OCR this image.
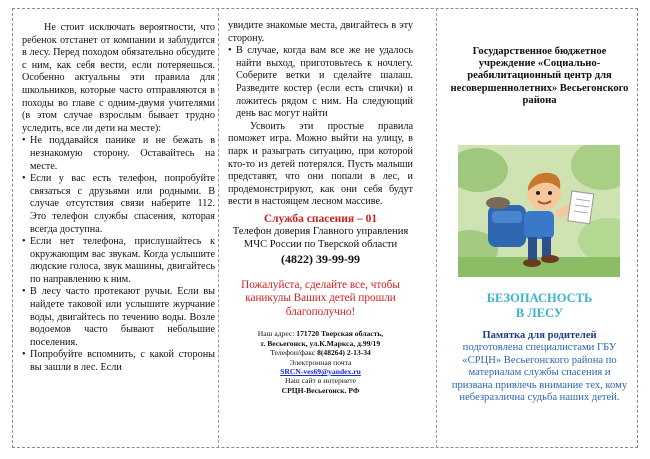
Не стоит исключать вероятности, что ребенок отстанет от компании и заблудится в лесу. Перед походом обязательно обсудите с ним, как себя вести, если потеряешься. Особенно актуальны эти правила для школьников, которые часто отправляются в походы во главе с одним-двумя учителями (в этом случае взрослым бывает трудно уследить, все ли дети на месте):

• Не поддавайся панике и не бежать в незнакомую сторону. Оставайтесь на месте.
• Если у вас есть телефон, попробуйте связаться с друзьями или родными. В случае отсутствия связи наберите 112. Это телефон службы спасения, которая всегда доступна.
• Если нет телефона, прислушайтесь к окружающим вас звукам. Когда услышите людские голоса, звук машины, двигайтесь по направлению к ним.
• В лесу часто протекают ручьи. Если вы найдете таковой или услышите журчание воды, двигайтесь по течению воды. Возле водоемов часто бывают небольшие поселения.
• Попробуйте вспомнить, с какой стороны вы зашли в лес. Если

увидите знакомые места, двигайтесь в эту сторону.

• В случае, когда вам все же не удалось найти выход, приготовьтесь к ночлегу. Соберите ветки и сделайте шалаш. Разведите костер (если есть спички) и ложитесь рядом с ним. На следующий день вас могут найти

Усвоить эти простые правила поможет игра. Можно выйти на улицу, в парк и разыграть ситуацию, при которой кто-то из детей потерялся. Пусть малыши представят, что они попали в лес, и продемонстрируют, как они себя будут вести в настоящем лесном массиве.

Служба спасения – 01
Телефон доверия Главного управления МЧС России по Тверской области
(4822) 39-99-99
Пожалуйста, сделайте все, чтобы каникулы Ваших детей прошли благополучно!
Наш адрес: 171720 Тверская область,
г. Весьегонск, ул.К.Маркса, д.99/19
Телефон/факс 8(48264) 2-13-34
Электронная почта
SRCN-ves69@yandex.ru
Наш сайт в интернете
СРЦН-Весьегонск. РФ
Государственное бюджетное учреждение «Социально-реабилитационный центр для несовершеннолетних» Весьегонского района
БЕЗОПАСНОСТЬ
В ЛЕСУ
Памятка для родителей
подготовлена специалистами ГБУ «СРЦН» Весьегонского района по материалам службы спасения и призвана привлечь внимание тех, кому небезразлична судьба наших детей.
